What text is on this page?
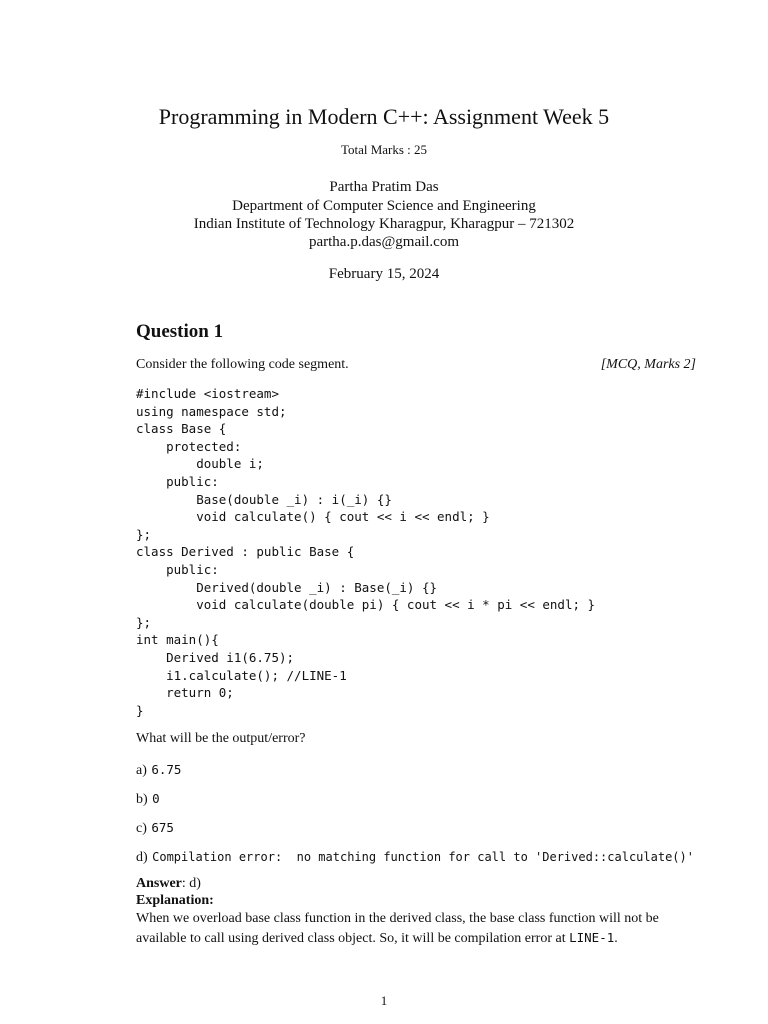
Programming in Modern C++: Assignment Week 5
Total Marks : 25
Partha Pratim Das
Department of Computer Science and Engineering
Indian Institute of Technology Kharagpur, Kharagpur – 721302
partha.p.das@gmail.com
February 15, 2024
Question 1
Consider the following code segment.	[MCQ, Marks 2]
#include <iostream>
using namespace std;
class Base {
protected:
double i;
public:
Base(double _i) : i(_i) {}
void calculate() { cout << i << endl; }
};
class Derived : public Base {
public:
Derived(double _i) : Base(_i) {}
void calculate(double pi) { cout << i * pi << endl; }
};
int main(){
Derived i1(6.75);
i1.calculate(); //LINE-1
return 0;
}
What will be the output/error?
a) 6.75
b) 0
c) 675
d) Compilation error:  no matching function for call to 'Derived::calculate()'
Answer: d)
Explanation:
When we overload base class function in the derived class, the base class function will not be
available to call using derived class object. So, it will be compilation error at LINE-1.
1
